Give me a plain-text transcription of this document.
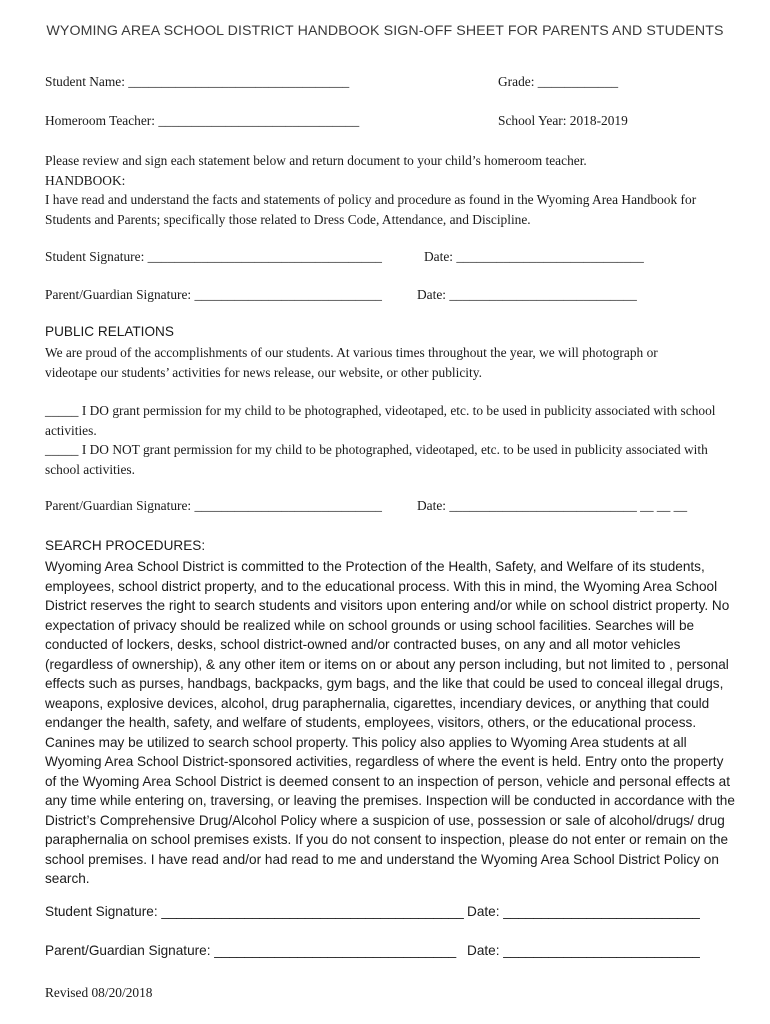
WYOMING AREA SCHOOL DISTRICT HANDBOOK SIGN-OFF SHEET FOR PARENTS AND STUDENTS
Student Name: _________________________________	Grade: ____________
Homeroom Teacher: ______________________________	School Year: 2018-2019

Please review and sign each statement below and return document to your child’s homeroom teacher.

HANDBOOK:

I have read and understand the facts and statements of policy and procedure as found in the Wyoming Area Handbook for Students and Parents; specifically those related to Dress Code, Attendance, and Discipline.

Student Signature: ___________________________________	Date: ____________________________
Parent/Guardian Signature: ____________________________	Date: ____________________________
PUBLIC RELATIONS
We are proud of the accomplishments of our students. At various times throughout the year, we will photograph or videotape our students’ activities for news release, our website, or other publicity.

_____ I DO grant permission for my child to be photographed, videotaped, etc. to be used in publicity associated with school activities.

_____ I DO NOT grant permission for my child to be photographed, videotaped, etc. to be used in publicity associated with school activities.

Parent/Guardian Signature: ____________________________	Date: ____________________________ __ __ __
SEARCH PROCEDURES:
Wyoming Area School District is committed to the Protection of the Health, Safety, and Welfare of its students, employees, school district property, and to the educational process. With this in mind, the Wyoming Area School District reserves the right to search students and visitors upon entering and/or while on school district property. No expectation of privacy should be realized while on school grounds or using school facilities. Searches will be conducted of lockers, desks, school district-owned and/or contracted buses, on any and all motor vehicles (regardless of ownership), & any other item or items on or about any person including, but not limited to , personal effects such as purses, handbags, backpacks, gym bags, and the like that could be used to conceal illegal drugs, weapons, explosive devices, alcohol, drug paraphernalia, cigarettes, incendiary devices, or anything that could endanger the health, safety, and welfare of students, employees, visitors, others, or the educational process. Canines may be utilized to search school property. This policy also applies to Wyoming Area students at all Wyoming Area School District-sponsored activities, regardless of where the event is held. Entry onto the property of the Wyoming Area School District is deemed consent to an inspection of person, vehicle and personal effects at any time while entering on, traversing, or leaving the premises. Inspection will be conducted in accordance with the District’s Comprehensive Drug/Alcohol Policy where a suspicion of use, possession or sale of alcohol/drugs/ drug paraphernalia on school premises exists. If you do not consent to inspection, please do not enter or remain on the school premises. I have read and/or had read to me and understand the Wyoming Area School District Policy on search.
Student Signature: ________________________________________ Date: __________________________
Parent/Guardian Signature: ________________________________ Date: __________________________
Revised 08/20/2018
